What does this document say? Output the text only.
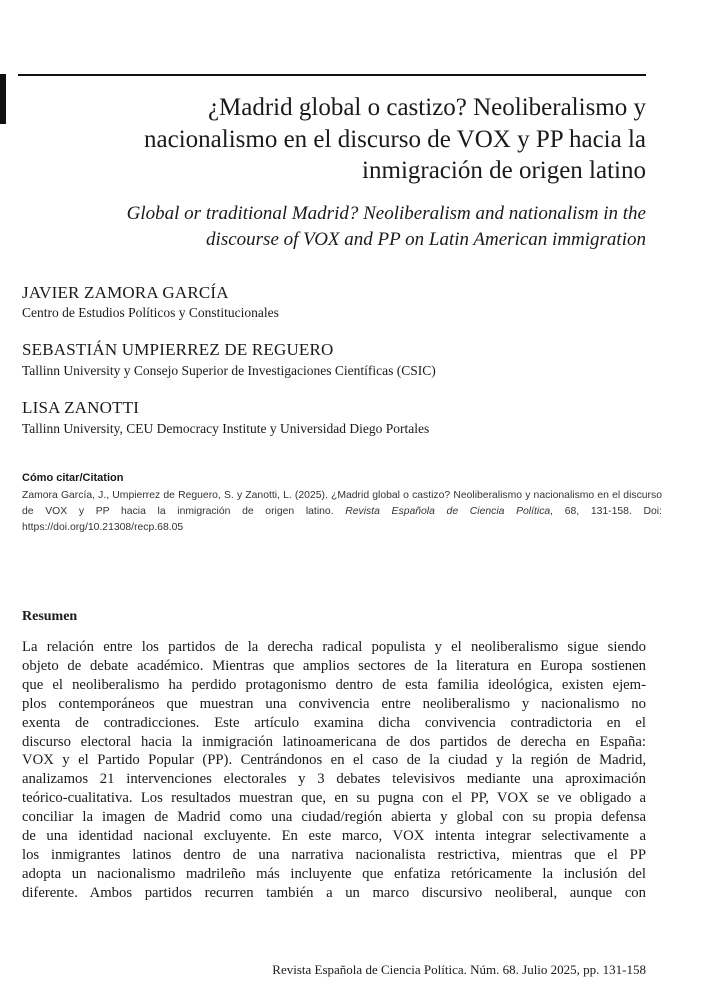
¿Madrid global o castizo? Neoliberalismo y
nacionalismo en el discurso de VOX y PP hacia la
inmigración de origen latino
Global or traditional Madrid? Neoliberalism and nationalism in the
discourse of VOX and PP on Latin American immigration
JAVIER ZAMORA GARCÍA
Centro de Estudios Políticos y Constitucionales
SEBASTIÁN UMPIERREZ DE REGUERO
Tallinn University y Consejo Superior de Investigaciones Científicas (CSIC)
LISA ZANOTTI
Tallinn University, CEU Democracy Institute y Universidad Diego Portales
Cómo citar/Citation
Zamora García, J., Umpierrez de Reguero, S. y Zanotti, L. (2025). ¿Madrid global o castizo? Neoliberalismo y nacionalismo en el discurso de VOX y PP hacia la inmigración de origen latino. Revista Española de Ciencia Política, 68, 131-158. Doi: https://doi.org/10.21308/recp.68.05
Resumen
La relación entre los partidos de la derecha radical populista y el neoliberalismo sigue siendo
objeto de debate académico. Mientras que amplios sectores de la literatura en Europa sostienen
que el neoliberalismo ha perdido protagonismo dentro de esta familia ideológica, existen ejem-
plos contemporáneos que muestran una convivencia entre neoliberalismo y nacionalismo no
exenta de contradicciones. Este artículo examina dicha convivencia contradictoria en el
discurso electoral hacia la inmigración latinoamericana de dos partidos de derecha en España:
VOX y el Partido Popular (PP). Centrándonos en el caso de la ciudad y la región de Madrid,
analizamos 21 intervenciones electorales y 3 debates televisivos mediante una aproximación
teórico-cualitativa. Los resultados muestran que, en su pugna con el PP, VOX se ve obligado a
conciliar la imagen de Madrid como una ciudad/región abierta y global con su propia defensa
de una identidad nacional excluyente. En este marco, VOX intenta integrar selectivamente a
los inmigrantes latinos dentro de una narrativa nacionalista restrictiva, mientras que el PP
adopta un nacionalismo madrileño más incluyente que enfatiza retóricamente la inclusión del
diferente. Ambos partidos recurren también a un marco discursivo neoliberal, aunque con
Revista Española de Ciencia Política. Núm. 68. Julio 2025, pp. 131-158
